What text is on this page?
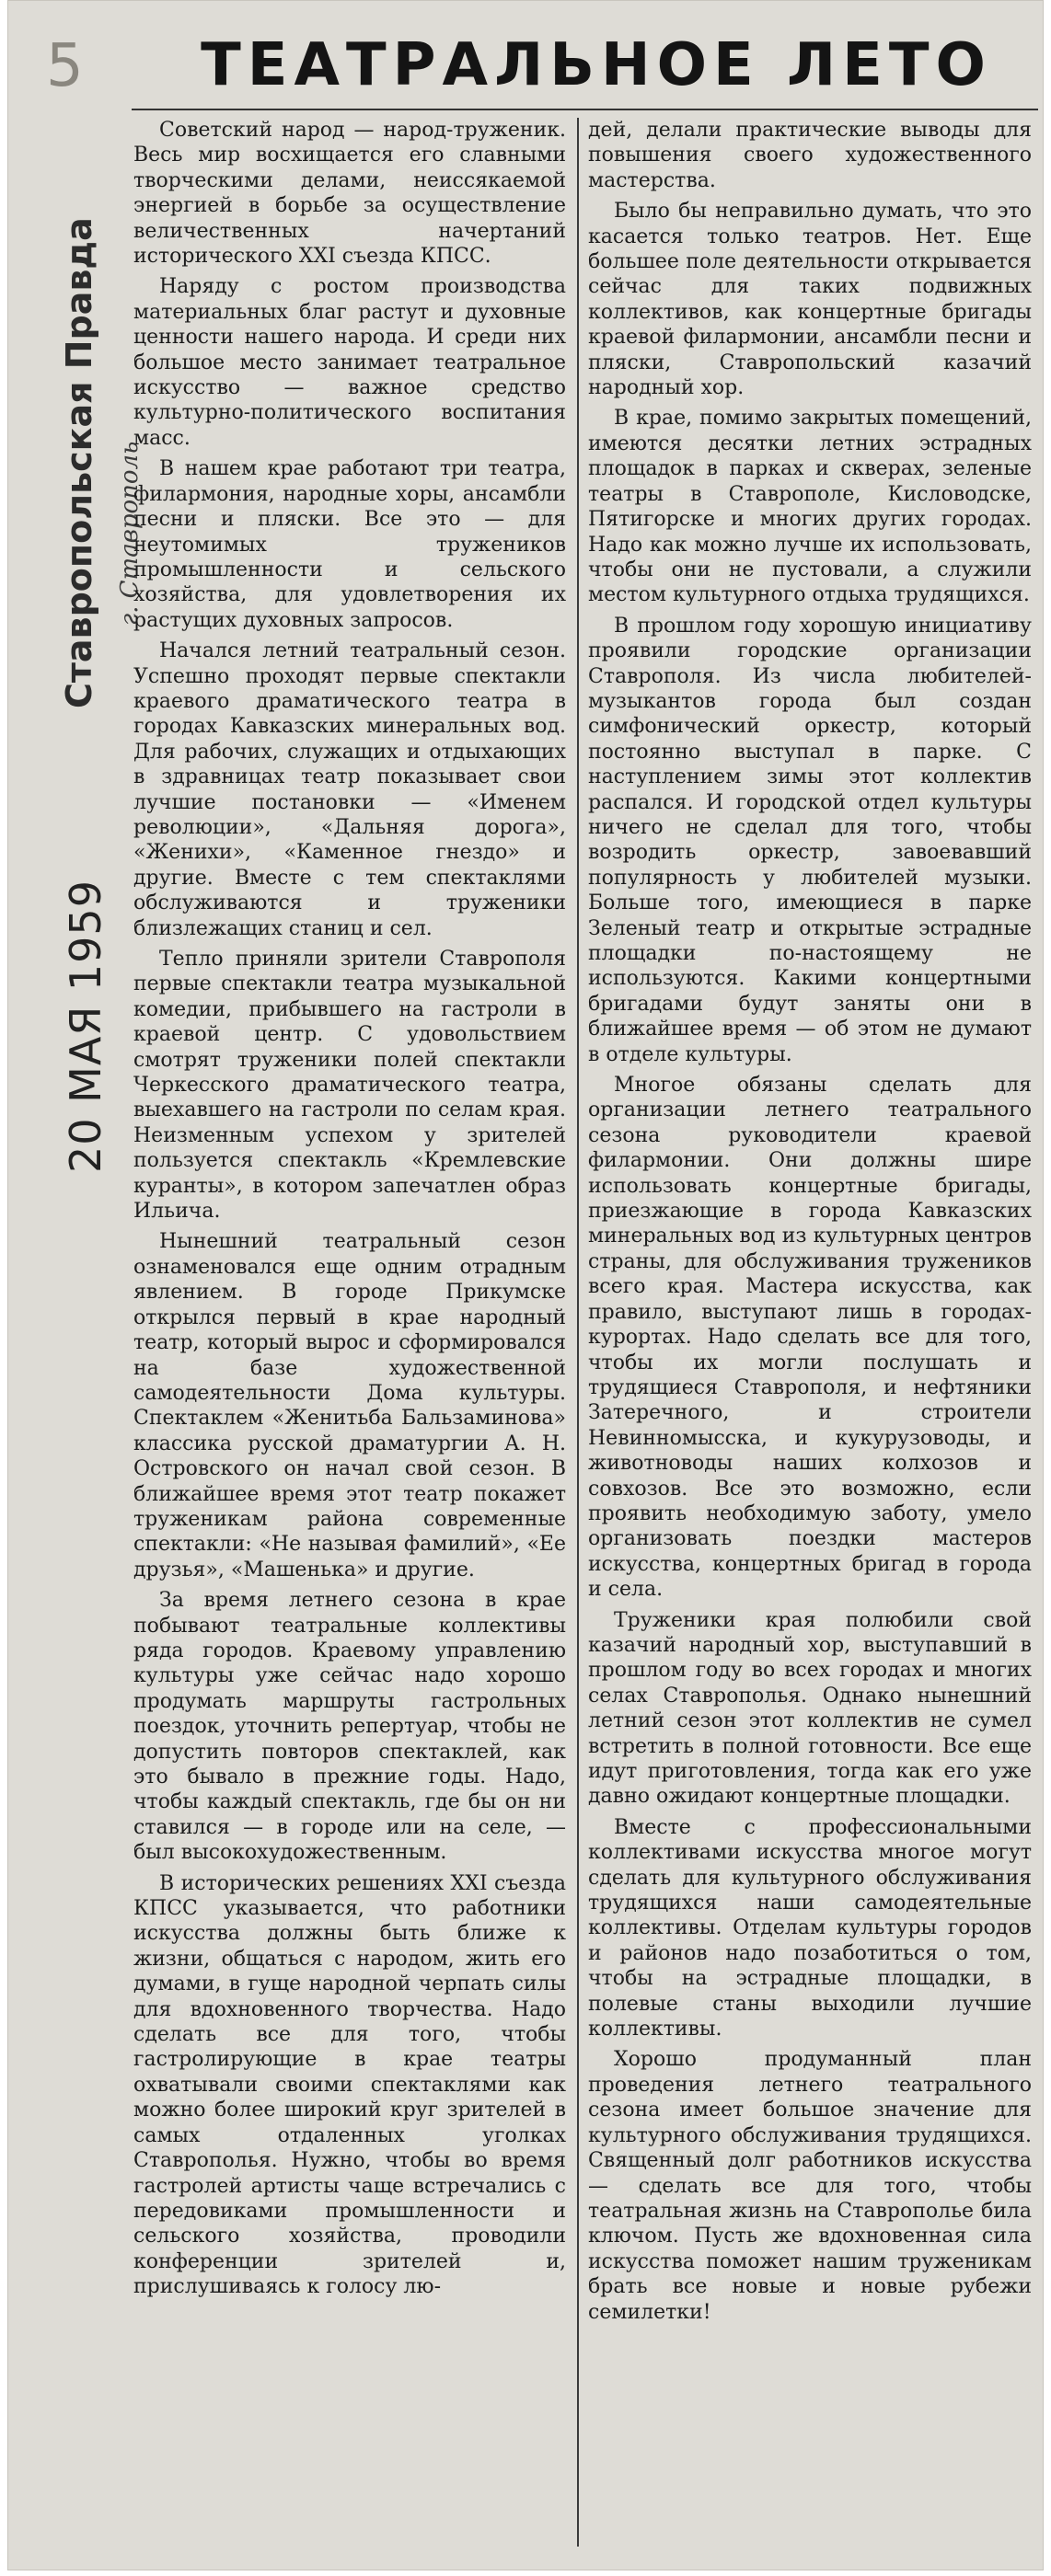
5 ТЕАТРАЛЬНОЕ ЛЕТО
Ставропольская Правда г. Ставрополь
20 МАЯ 1959

Советский народ — народ-труженик. Весь мир восхищается его славными творческими делами, неиссякаемой энергией в борьбе за осуществление величественных начертаний исторического XXI съезда КПСС.

Наряду с ростом производства материальных благ растут и духовные ценности нашего народа. И среди них большое место занимает театральное искусство — важное средство культурно-политического воспитания масс.

В нашем крае работают три театра, филармония, народные хоры, ансамбли песни и пляски. Все это — для неутомимых тружеников промышленности и сельского хозяйства, для удовлетворения их растущих духовных запросов.

Начался летний театральный сезон. Успешно проходят первые спектакли краевого драматического театра в городах Кавказских минеральных вод. Для рабочих, служащих и отдыхающих в здравницах театр показывает свои лучшие постановки — «Именем революции», «Дальняя дорога», «Женихи», «Каменное гнездо» и другие. Вместе с тем спектаклями обслуживаются и труженики близлежащих станиц и сел.

Тепло приняли зрители Ставрополя первые спектакли театра музыкальной комедии, прибывшего на гастроли в краевой центр. С удовольствием смотрят труженики полей спектакли Черкесского драматического театра, выехавшего на гастроли по селам края. Неизменным успехом у зрителей пользуется спектакль «Кремлевские куранты», в котором запечатлен образ Ильича.

Нынешний театральный сезон ознаменовался еще одним отрадным явлением. В городе Прикумске открылся первый в крае народный театр, который вырос и сформировался на базе художественной самодеятельности Дома культуры. Спектаклем «Женитьба Бальзаминова» классика русской драматургии А. Н. Островского он начал свой сезон. В ближайшее время этот театр покажет труженикам района современные спектакли: «Не называя фамилий», «Ее друзья», «Машенька» и другие.

За время летнего сезона в крае побывают театральные коллективы ряда городов. Краевому управлению культуры уже сейчас надо хорошо продумать маршруты гастрольных поездок, уточнить репертуар, чтобы не допустить повторов спектаклей, как это бывало в прежние годы. Надо, чтобы каждый спектакль, где бы он ни ставился — в городе или на селе, — был высокохудожественным.

В исторических решениях XXI съезда КПСС указывается, что работники искусства должны быть ближе к жизни, общаться с народом, жить его думами, в гуще народной черпать силы для вдохновенного творчества. Надо сделать все для того, чтобы гастролирующие в крае театры охватывали своими спектаклями как можно более широкий круг зрителей в самых отдаленных уголках Ставрополья. Нужно, чтобы во время гастролей артисты чаще встречались с передовиками промышленности и сельского хозяйства, проводили конференции зрителей и, прислушиваясь к голосу лю-

дей, делали практические выводы для повышения своего художественного мастерства.

Было бы неправильно думать, что это касается только театров. Нет. Еще большее поле деятельности открывается сейчас для таких подвижных коллективов, как концертные бригады краевой филармонии, ансамбли песни и пляски, Ставропольский казачий народный хор.

В крае, помимо закрытых помещений, имеются десятки летних эстрадных площадок в парках и скверах, зеленые театры в Ставрополе, Кисловодске, Пятигорске и многих других городах. Надо как можно лучше их использовать, чтобы они не пустовали, а служили местом культурного отдыха трудящихся.

В прошлом году хорошую инициативу проявили городские организации Ставрополя. Из числа любителей-музыкантов города был создан симфонический оркестр, который постоянно выступал в парке. С наступлением зимы этот коллектив распался. И городской отдел культуры ничего не сделал для того, чтобы возродить оркестр, завоевавший популярность у любителей музыки. Больше того, имеющиеся в парке Зеленый театр и открытые эстрадные площадки по-настоящему не используются. Какими концертными бригадами будут заняты они в ближайшее время — об этом не думают в отделе культуры.

Многое обязаны сделать для организации летнего театрального сезона руководители краевой филармонии. Они должны шире использовать концертные бригады, приезжающие в города Кавказских минеральных вод из культурных центров страны, для обслуживания тружеников всего края. Мастера искусства, как правило, выступают лишь в городах-курортах. Надо сделать все для того, чтобы их могли послушать и трудящиеся Ставрополя, и нефтяники Затеречного, и строители Невинномысска, и кукурузоводы, и животноводы наших колхозов и совхозов. Все это возможно, если проявить необходимую заботу, умело организовать поездки мастеров искусства, концертных бригад в города и села.

Труженики края полюбили свой казачий народный хор, выступавший в прошлом году во всех городах и многих селах Ставрополья. Однако нынешний летний сезон этот коллектив не сумел встретить в полной готовности. Все еще идут приготовления, тогда как его уже давно ожидают концертные площадки.

Вместе с профессиональными коллективами искусства многое могут сделать для культурного обслуживания трудящихся наши самодеятельные коллективы. Отделам культуры городов и районов надо позаботиться о том, чтобы на эстрадные площадки, в полевые станы выходили лучшие коллективы.

Хорошо продуманный план проведения летнего театрального сезона имеет большое значение для культурного обслуживания трудящихся. Священный долг работников искусства — сделать все для того, чтобы театральная жизнь на Ставрополье била ключом. Пусть же вдохновенная сила искусства поможет нашим труженикам брать все новые и новые рубежи семилетки!
